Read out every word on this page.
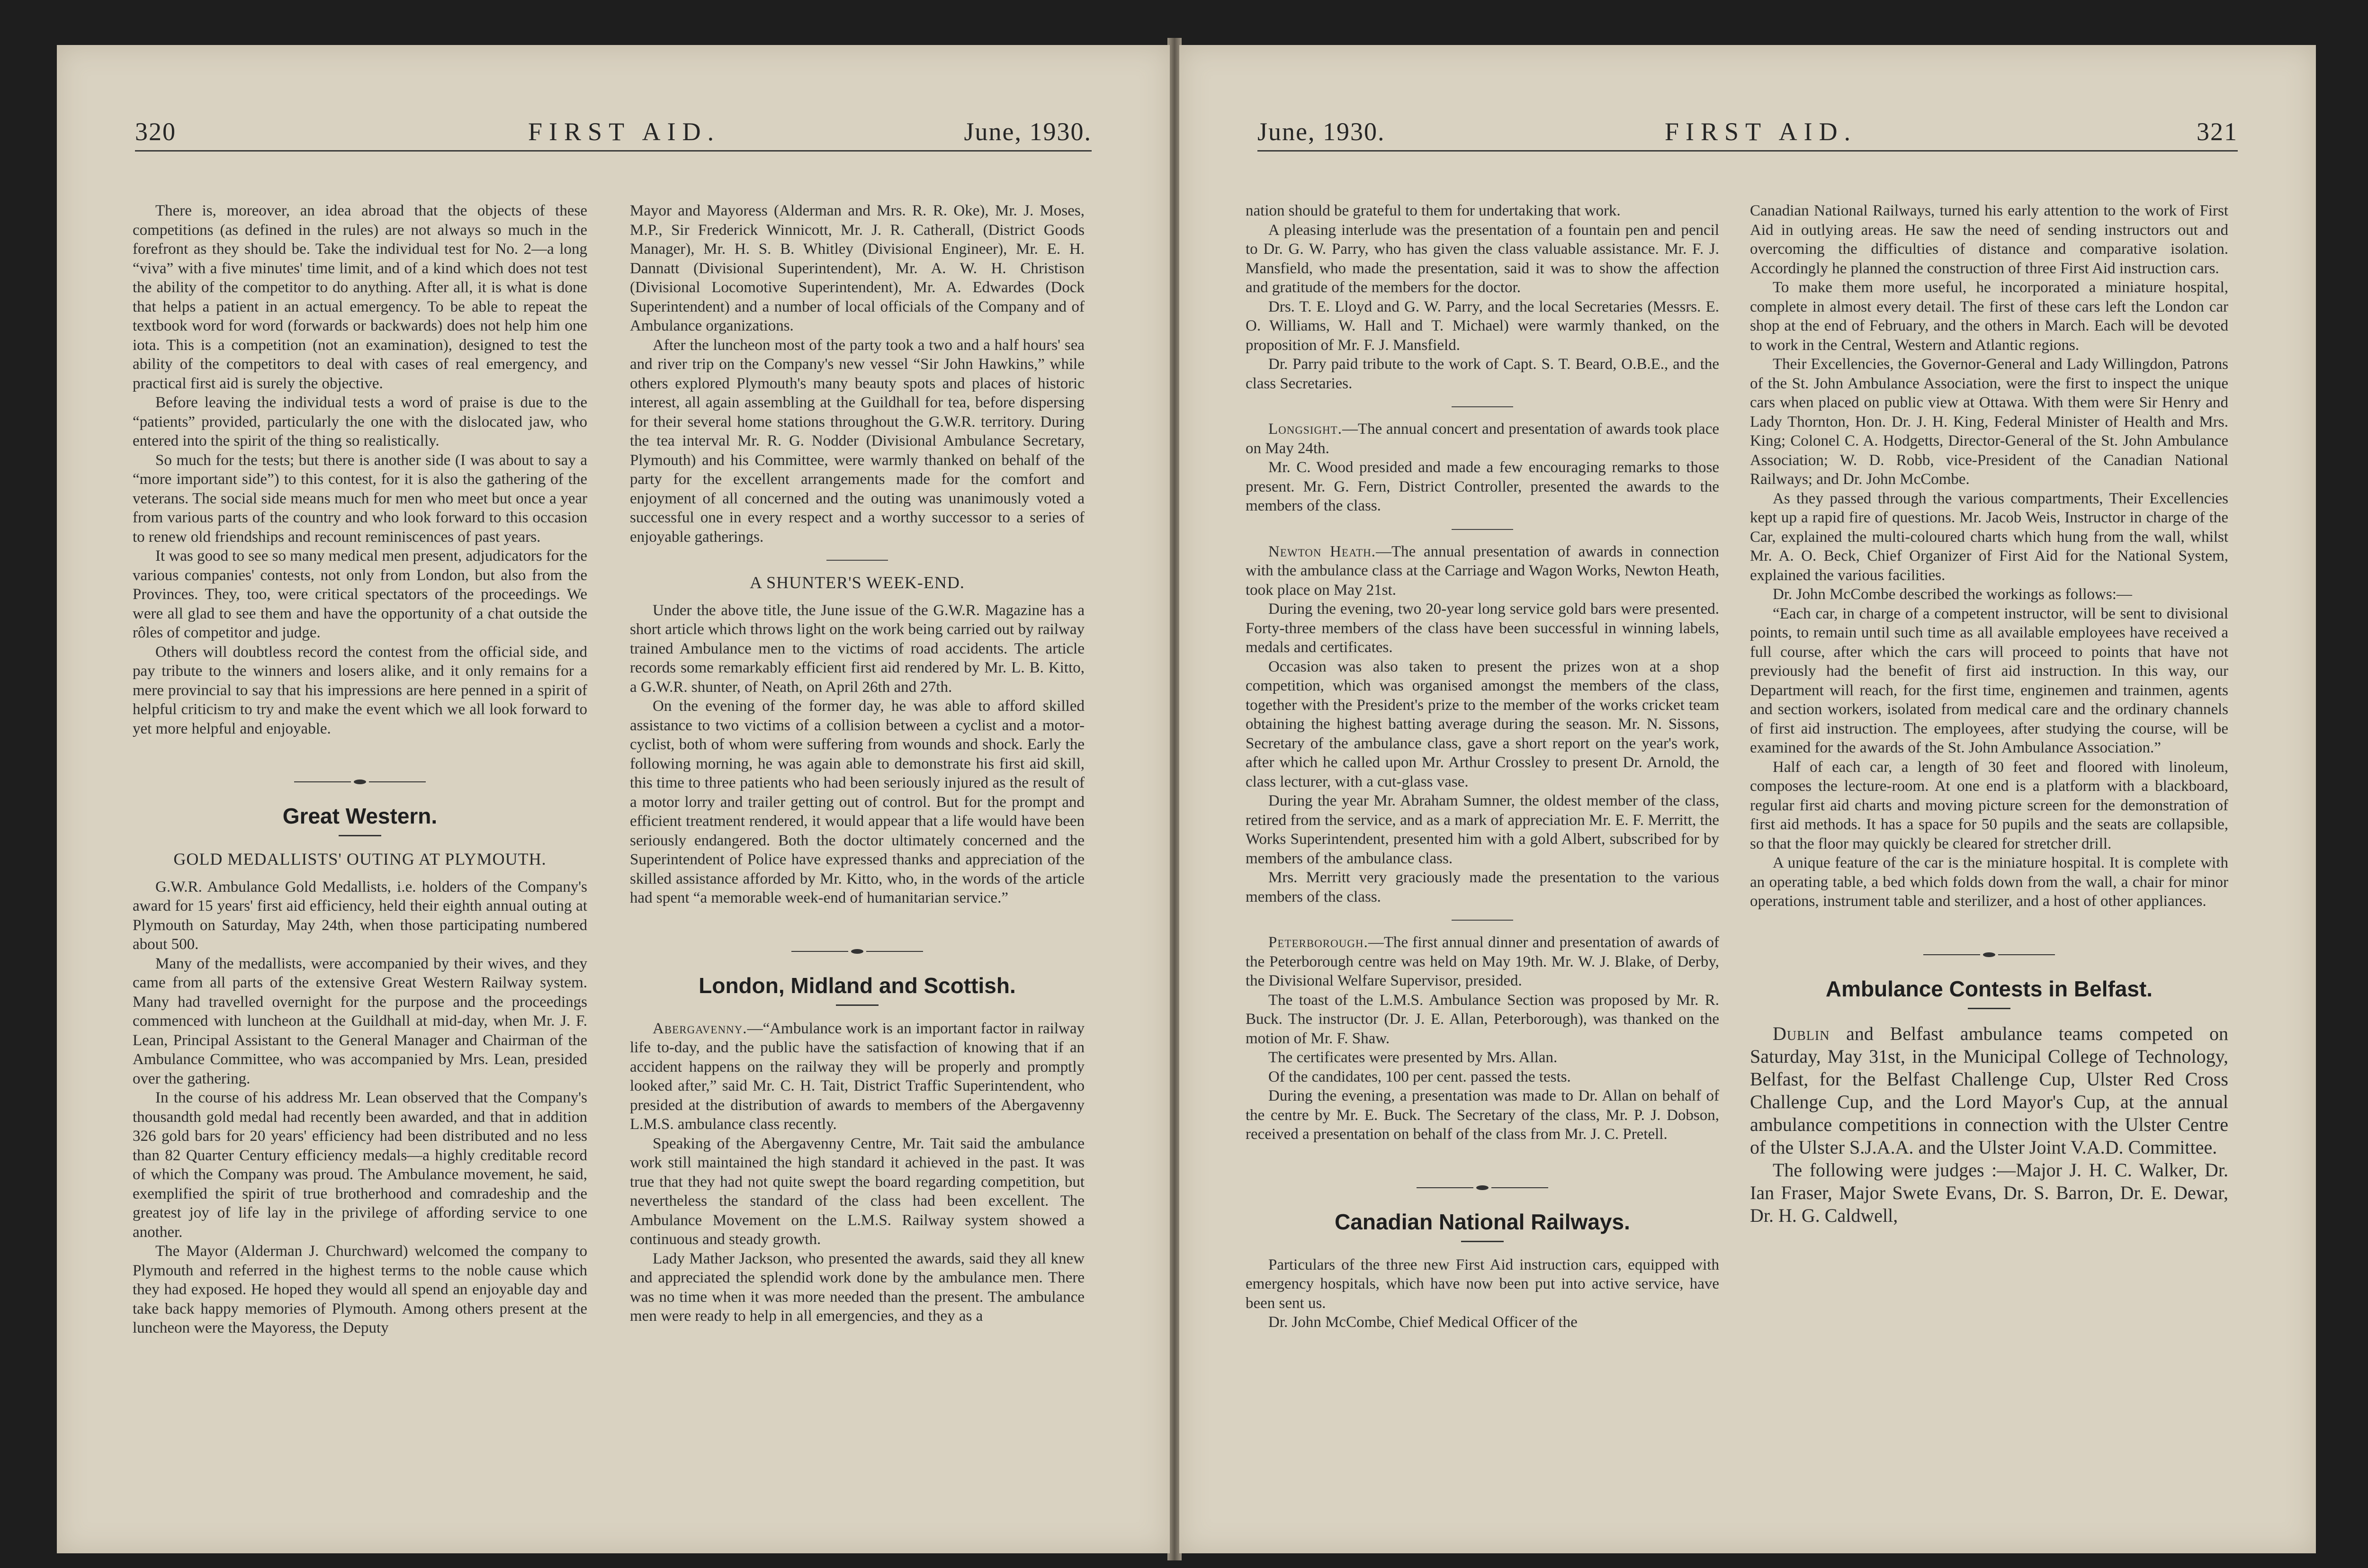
320	FIRST AID.	June, 1930.

There is, moreover, an idea abroad that the objects of these competitions (as defined in the rules) are not always so much in the forefront as they should be. Take the individual test for No. 2—a long “viva” with a five minutes' time limit, and of a kind which does not test the ability of the competitor to do anything. After all, it is what is done that helps a patient in an actual emergency. To be able to repeat the textbook word for word (forwards or backwards) does not help him one iota. This is a competition (not an examination), designed to test the ability of the competitors to deal with cases of real emergency, and practical first aid is surely the objective.

Before leaving the individual tests a word of praise is due to the “patients” provided, particularly the one with the dislocated jaw, who entered into the spirit of the thing so realistically.

So much for the tests; but there is another side (I was about to say a “more important side”) to this contest, for it is also the gathering of the veterans. The social side means much for men who meet but once a year from various parts of the country and who look forward to this occasion to renew old friendships and recount reminiscences of past years.

It was good to see so many medical men present, adjudicators for the various companies' contests, not only from London, but also from the Provinces. They, too, were critical spectators of the proceedings. We were all glad to see them and have the opportunity of a chat outside the rôles of competitor and judge.

Others will doubtless record the contest from the official side, and pay tribute to the winners and losers alike, and it only remains for a mere provincial to say that his impressions are here penned in a spirit of helpful criticism to try and make the event which we all look forward to yet more helpful and enjoyable.

Great Western.
GOLD MEDALLISTS' OUTING AT PLYMOUTH.

G.W.R. Ambulance Gold Medallists, i.e. holders of the Company's award for 15 years' first aid efficiency, held their eighth annual outing at Plymouth on Saturday, May 24th, when those participating numbered about 500.

Many of the medallists, were accompanied by their wives, and they came from all parts of the extensive Great Western Railway system. Many had travelled overnight for the purpose and the proceedings commenced with luncheon at the Guildhall at mid-day, when Mr. J. F. Lean, Principal Assistant to the General Manager and Chairman of the Ambulance Committee, who was accompanied by Mrs. Lean, presided over the gathering.

In the course of his address Mr. Lean observed that the Company's thousandth gold medal had recently been awarded, and that in addition 326 gold bars for 20 years' efficiency had been distributed and no less than 82 Quarter Century efficiency medals—a highly creditable record of which the Company was proud. The Ambulance movement, he said, exemplified the spirit of true brotherhood and comradeship and the greatest joy of life lay in the privilege of affording service to one another.

The Mayor (Alderman J. Churchward) welcomed the company to Plymouth and referred in the highest terms to the noble cause which they had exposed. He hoped they would all spend an enjoyable day and take back happy memories of Plymouth. Among others present at the luncheon were the Mayoress, the Deputy

Mayor and Mayoress (Alderman and Mrs. R. R. Oke), Mr. J. Moses, M.P., Sir Frederick Winnicott, Mr. J. R. Catherall, (District Goods Manager), Mr. H. S. B. Whitley (Divisional Engineer), Mr. E. H. Dannatt (Divisional Superintendent), Mr. A. W. H. Christison (Divisional Locomotive Superintendent), Mr. A. Edwardes (Dock Superintendent) and a number of local officials of the Company and of Ambulance organizations.

After the luncheon most of the party took a two and a half hours' sea and river trip on the Company's new vessel “Sir John Hawkins,” while others explored Plymouth's many beauty spots and places of historic interest, all again assembling at the Guildhall for tea, before dispersing for their several home stations throughout the G.W.R. territory. During the tea interval Mr. R. G. Nodder (Divisional Ambulance Secretary, Plymouth) and his Committee, were warmly thanked on behalf of the party for the excellent arrangements made for the comfort and enjoyment of all concerned and the outing was unanimously voted a successful one in every respect and a worthy successor to a series of enjoyable gatherings.

A SHUNTER'S WEEK-END.

Under the above title, the June issue of the G.W.R. Magazine has a short article which throws light on the work being carried out by railway trained Ambulance men to the victims of road accidents. The article records some remarkably efficient first aid rendered by Mr. L. B. Kitto, a G.W.R. shunter, of Neath, on April 26th and 27th.

On the evening of the former day, he was able to afford skilled assistance to two victims of a collision between a cyclist and a motor-cyclist, both of whom were suffering from wounds and shock. Early the following morning, he was again able to demonstrate his first aid skill, this time to three patients who had been seriously injured as the result of a motor lorry and trailer getting out of control. But for the prompt and efficient treatment rendered, it would appear that a life would have been seriously endangered. Both the doctor ultimately concerned and the Superintendent of Police have expressed thanks and appreciation of the skilled assistance afforded by Mr. Kitto, who, in the words of the article had spent “a memorable week-end of humanitarian service.”

London, Midland and Scottish.

Abergavenny.—“Ambulance work is an important factor in railway life to-day, and the public have the satisfaction of knowing that if an accident happens on the railway they will be properly and promptly looked after,” said Mr. C. H. Tait, District Traffic Superintendent, who presided at the distribution of awards to members of the Abergavenny L.M.S. ambulance class recently.

Speaking of the Abergavenny Centre, Mr. Tait said the ambulance work still maintained the high standard it achieved in the past. It was true that they had not quite swept the board regarding competition, but nevertheless the standard of the class had been excellent. The Ambulance Movement on the L.M.S. Railway system showed a continuous and steady growth.

Lady Mather Jackson, who presented the awards, said they all knew and appreciated the splendid work done by the ambulance men. There was no time when it was more needed than the present. The ambulance men were ready to help in all emergencies, and they as a

June, 1930.	FIRST AID.	321

nation should be grateful to them for undertaking that work.

A pleasing interlude was the presentation of a fountain pen and pencil to Dr. G. W. Parry, who has given the class valuable assistance. Mr. F. J. Mansfield, who made the presentation, said it was to show the affection and gratitude of the members for the doctor.

Drs. T. E. Lloyd and G. W. Parry, and the local Secretaries (Messrs. E. O. Williams, W. Hall and T. Michael) were warmly thanked, on the proposition of Mr. F. J. Mansfield.

Dr. Parry paid tribute to the work of Capt. S. T. Beard, O.B.E., and the class Secretaries.

Longsight.—The annual concert and presentation of awards took place on May 24th.

Mr. C. Wood presided and made a few encouraging remarks to those present. Mr. G. Fern, District Controller, presented the awards to the members of the class.

Newton Heath.—The annual presentation of awards in connection with the ambulance class at the Carriage and Wagon Works, Newton Heath, took place on May 21st.

During the evening, two 20-year long service gold bars were presented. Forty-three members of the class have been successful in winning labels, medals and certificates.

Occasion was also taken to present the prizes won at a shop competition, which was organised amongst the members of the class, together with the President's prize to the member of the works cricket team obtaining the highest batting average during the season. Mr. N. Sissons, Secretary of the ambulance class, gave a short report on the year's work, after which he called upon Mr. Arthur Crossley to present Dr. Arnold, the class lecturer, with a cut-glass vase.

During the year Mr. Abraham Sumner, the oldest member of the class, retired from the service, and as a mark of appreciation Mr. E. F. Merritt, the Works Superintendent, presented him with a gold Albert, subscribed for by members of the ambulance class.

Mrs. Merritt very graciously made the presentation to the various members of the class.

Peterborough.—The first annual dinner and presentation of awards of the Peterborough centre was held on May 19th. Mr. W. J. Blake, of Derby, the Divisional Welfare Supervisor, presided.

The toast of the L.M.S. Ambulance Section was proposed by Mr. R. Buck. The instructor (Dr. J. E. Allan, Peterborough), was thanked on the motion of Mr. F. Shaw.

The certificates were presented by Mrs. Allan.

Of the candidates, 100 per cent. passed the tests.

During the evening, a presentation was made to Dr. Allan on behalf of the centre by Mr. E. Buck. The Secretary of the class, Mr. P. J. Dobson, received a presentation on behalf of the class from Mr. J. C. Pretell.

Canadian National Railways.

Particulars of the three new First Aid instruction cars, equipped with emergency hospitals, which have now been put into active service, have been sent us.

Dr. John McCombe, Chief Medical Officer of the

Canadian National Railways, turned his early attention to the work of First Aid in outlying areas. He saw the need of sending instructors out and overcoming the difficulties of distance and comparative isolation. Accordingly he planned the construction of three First Aid instruction cars.

To make them more useful, he incorporated a miniature hospital, complete in almost every detail. The first of these cars left the London car shop at the end of February, and the others in March. Each will be devoted to work in the Central, Western and Atlantic regions.

Their Excellencies, the Governor-General and Lady Willingdon, Patrons of the St. John Ambulance Association, were the first to inspect the unique cars when placed on public view at Ottawa. With them were Sir Henry and Lady Thornton, Hon. Dr. J. H. King, Federal Minister of Health and Mrs. King; Colonel C. A. Hodgetts, Director-General of the St. John Ambulance Association; W. D. Robb, vice-President of the Canadian National Railways; and Dr. John McCombe.

As they passed through the various compartments, Their Excellencies kept up a rapid fire of questions. Mr. Jacob Weis, Instructor in charge of the Car, explained the multi-coloured charts which hung from the wall, whilst Mr. A. O. Beck, Chief Organizer of First Aid for the National System, explained the various facilities.

Dr. John McCombe described the workings as follows:—

“Each car, in charge of a competent instructor, will be sent to divisional points, to remain until such time as all available employees have received a full course, after which the cars will proceed to points that have not previously had the benefit of first aid instruction. In this way, our Department will reach, for the first time, enginemen and trainmen, agents and section workers, isolated from medical care and the ordinary channels of first aid instruction. The employees, after studying the course, will be examined for the awards of the St. John Ambulance Association.”

Half of each car, a length of 30 feet and floored with linoleum, composes the lecture-room. At one end is a platform with a blackboard, regular first aid charts and moving picture screen for the demonstration of first aid methods. It has a space for 50 pupils and the seats are collapsible, so that the floor may quickly be cleared for stretcher drill.

A unique feature of the car is the miniature hospital. It is complete with an operating table, a bed which folds down from the wall, a chair for minor operations, instrument table and sterilizer, and a host of other appliances.

Ambulance Contests in Belfast.

Dublin and Belfast ambulance teams competed on Saturday, May 31st, in the Municipal College of Technology, Belfast, for the Belfast Challenge Cup, Ulster Red Cross Challenge Cup, and the Lord Mayor's Cup, at the annual ambulance competitions in connection with the Ulster Centre of the Ulster S.J.A.A. and the Ulster Joint V.A.D. Committee.

The following were judges :—Major J. H. C. Walker, Dr. Ian Fraser, Major Swete Evans, Dr. S. Barron, Dr. E. Dewar, Dr. H. G. Caldwell,
